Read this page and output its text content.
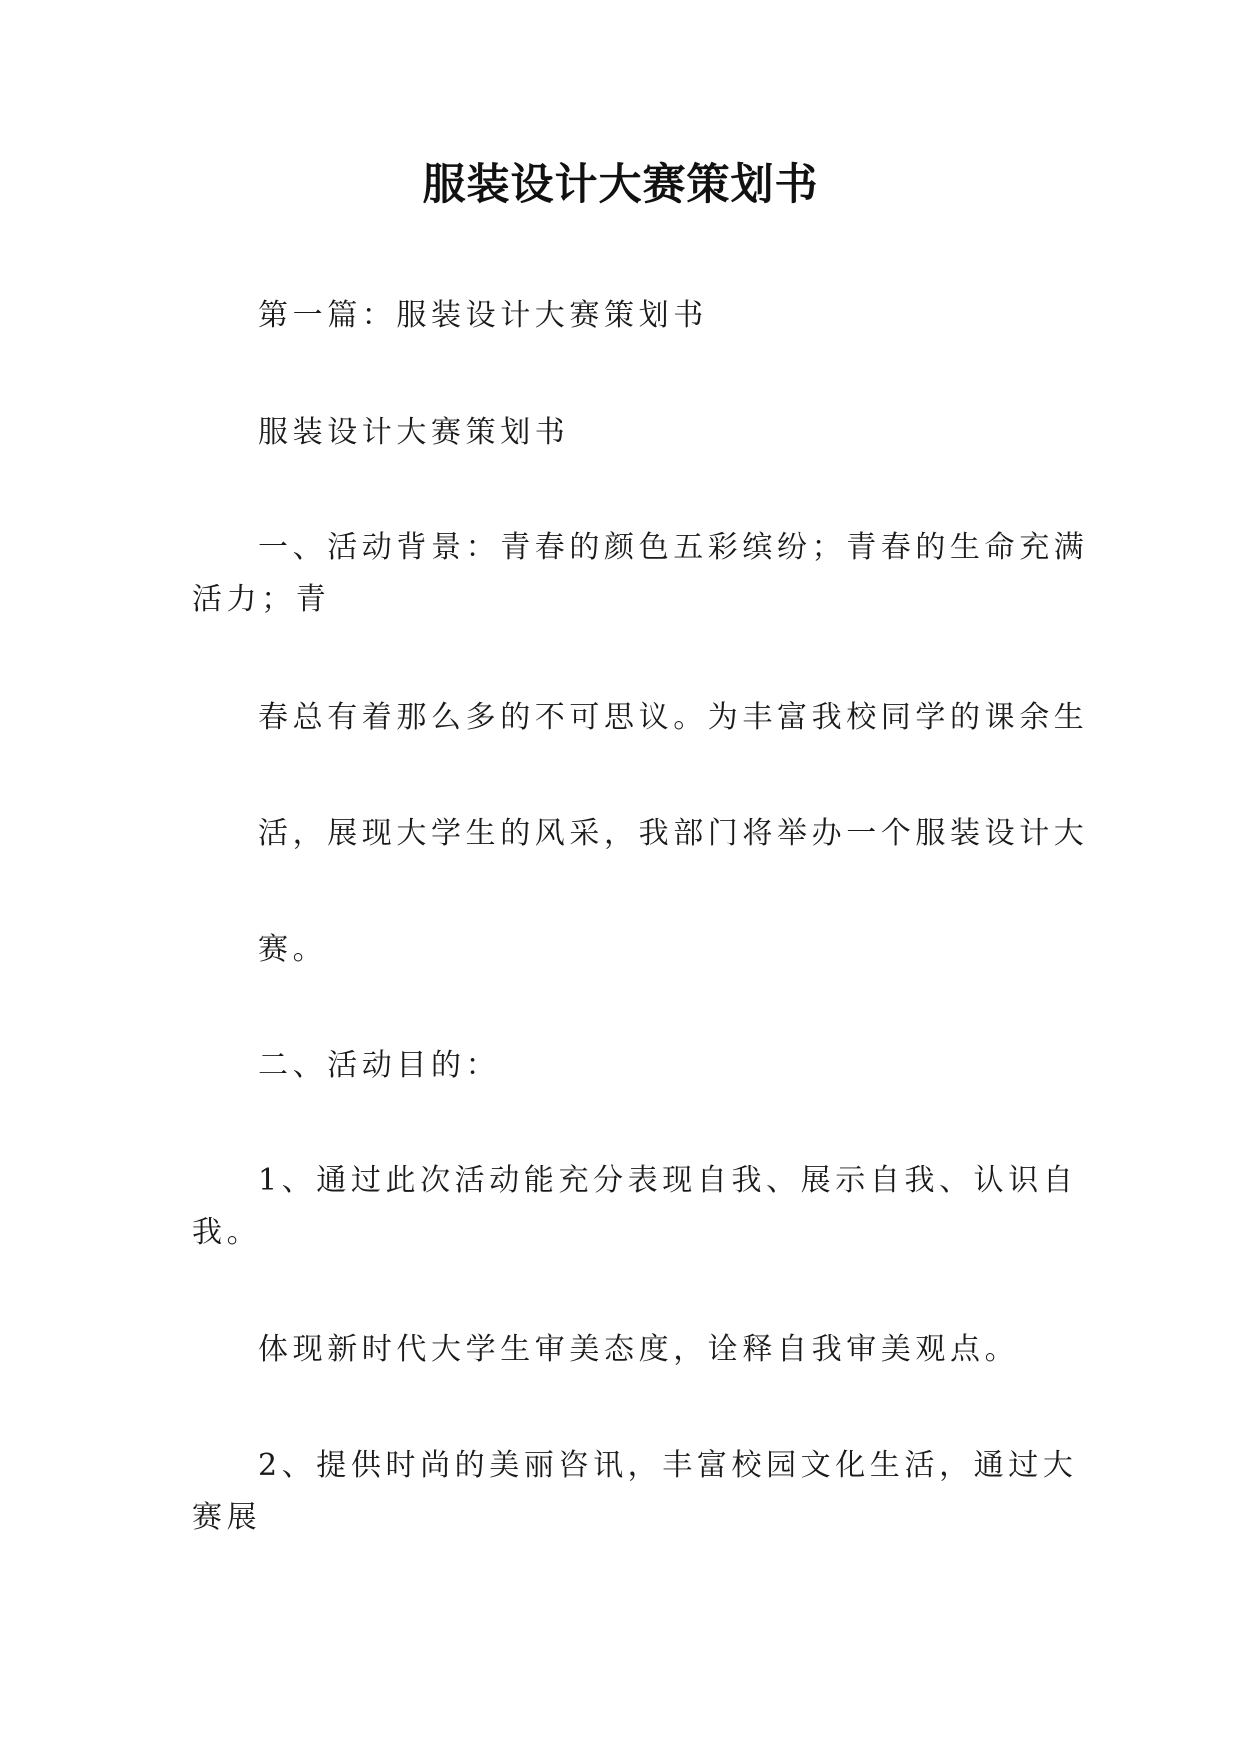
服装设计大赛策划书

第一篇：服装设计大赛策划书

服装设计大赛策划书

一、活动背景：青春的颜色五彩缤纷；青春的生命充满
活力；青

春总有着那么多的不可思议。为丰富我校同学的课余生

活，展现大学生的风采，我部门将举办一个服装设计大

赛。

二、活动目的：

1、通过此次活动能充分表现自我、展示自我、认识自
我。

体现新时代大学生审美态度，诠释自我审美观点。

2、提供时尚的美丽咨讯，丰富校园文化生活，通过大
赛展
